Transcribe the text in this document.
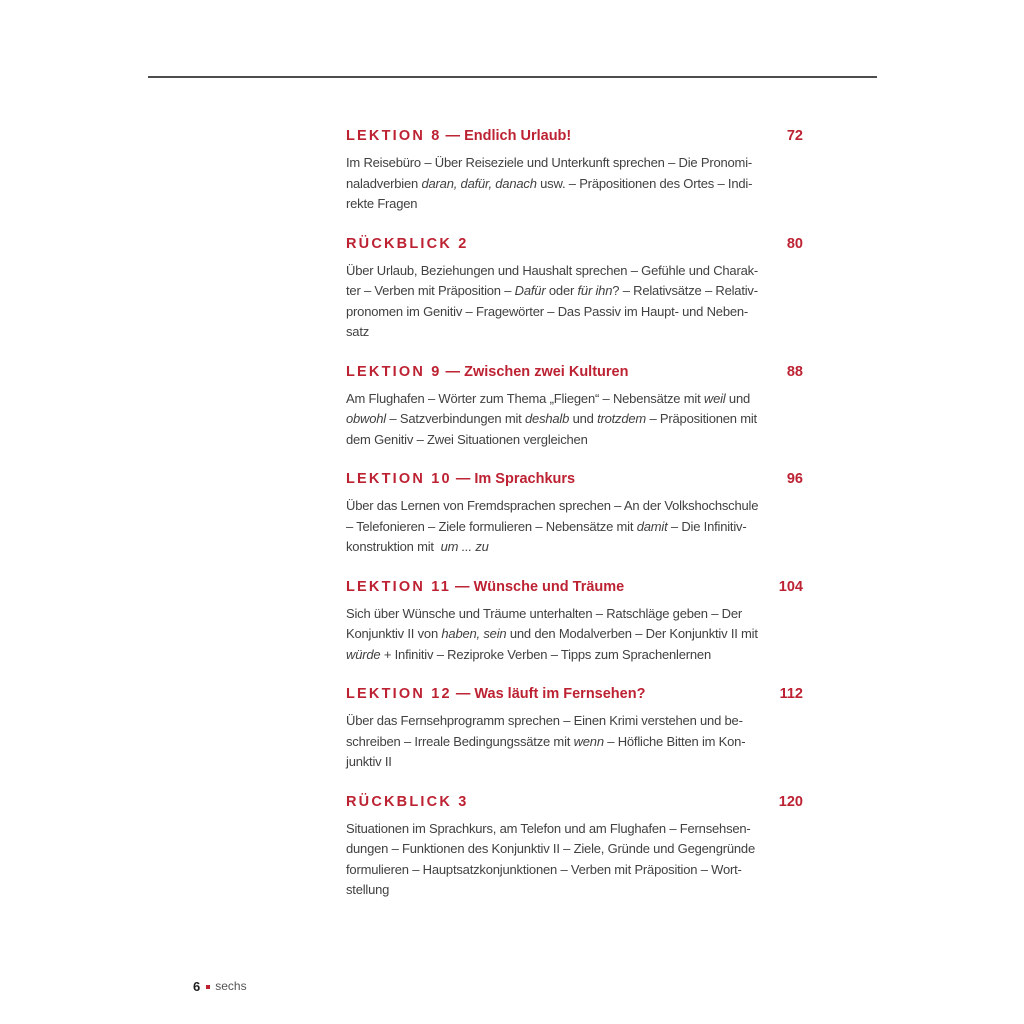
LEKTION 8 — Endlich Urlaub!	72
Im Reisebüro – Über Reiseziele und Unterkunft sprechen – Die Pronomi-
naladverbien daran, dafür, danach usw. – Präpositionen des Ortes – Indi-
rekte Fragen
RÜCKBLICK 2	80
Über Urlaub, Beziehungen und Haushalt sprechen – Gefühle und Charak-
ter – Verben mit Präposition – Dafür oder für ihn? – Relativsätze – Relativ-
pronomen im Genitiv – Fragewörter – Das Passiv im Haupt- und Neben-
satz
LEKTION 9 — Zwischen zwei Kulturen	88
Am Flughafen – Wörter zum Thema „Fliegen“ – Nebensätze mit weil und
obwohl – Satzverbindungen mit deshalb und trotzdem – Präpositionen mit
dem Genitiv – Zwei Situationen vergleichen
LEKTION 10 — Im Sprachkurs	96
Über das Lernen von Fremdsprachen sprechen – An der Volkshochschule
– Telefonieren – Ziele formulieren – Nebensätze mit damit – Die Infinitiv-
konstruktion mit  um ... zu
LEKTION 11 — Wünsche und Träume	104
Sich über Wünsche und Träume unterhalten – Ratschläge geben – Der
Konjunktiv II von haben, sein und den Modalverben – Der Konjunktiv II mit
würde + Infinitiv – Reziproke Verben – Tipps zum Sprachenlernen
LEKTION 12 — Was läuft im Fernsehen?	112
Über das Fernsehprogramm sprechen – Einen Krimi verstehen und be-
schreiben – Irreale Bedingungssätze mit wenn – Höfliche Bitten im Kon-
junktiv II
RÜCKBLICK 3	120
Situationen im Sprachkurs, am Telefon und am Flughafen – Fernsehsen-
dungen – Funktionen des Konjunktiv II – Ziele, Gründe und Gegengründe
formulieren – Hauptsatzkonjunktionen – Verben mit Präposition – Wort-
stellung
6 sechs
